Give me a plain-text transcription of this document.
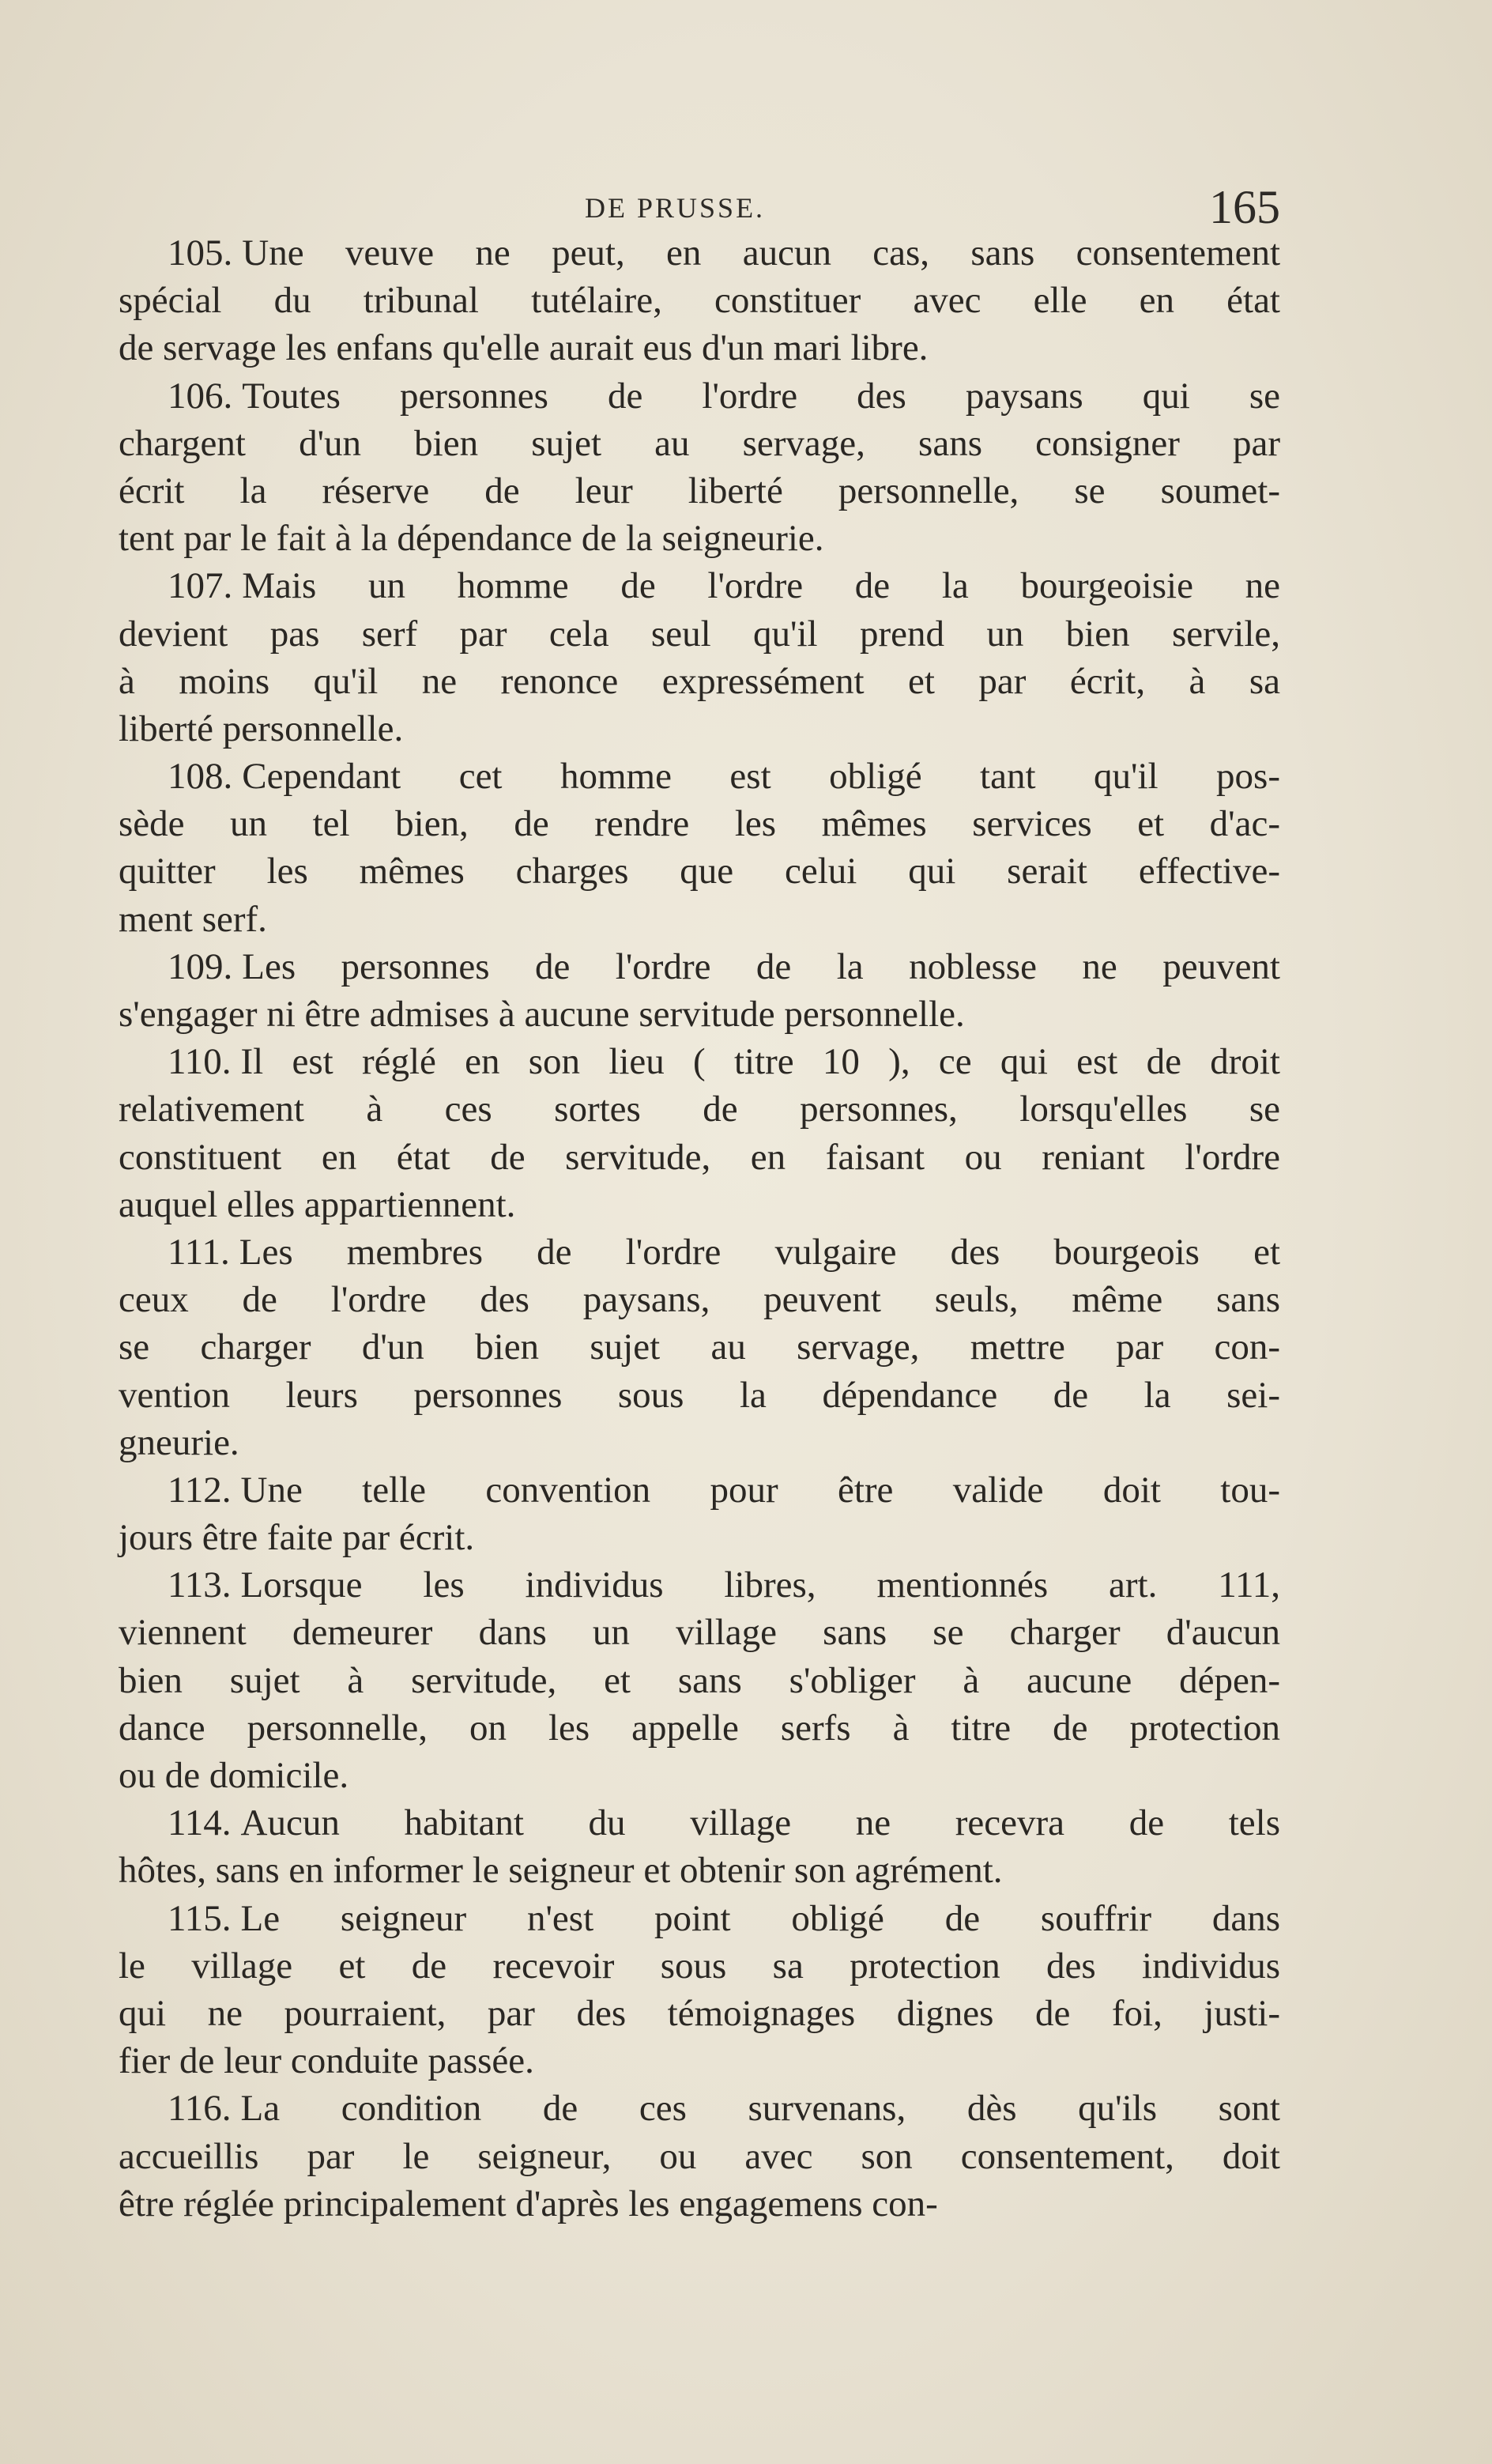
DE PRUSSE.	165
105. Une veuve ne peut, en aucun cas, sans consentement
spécial du tribunal tutélaire, constituer avec elle en état
de servage les enfans qu'elle aurait eus d'un mari libre.
106. Toutes personnes de l'ordre des paysans qui se
chargent d'un bien sujet au servage, sans consigner par
écrit la réserve de leur liberté personnelle, se soumet-
tent par le fait à la dépendance de la seigneurie.
107. Mais un homme de l'ordre de la bourgeoisie ne
devient pas serf par cela seul qu'il prend un bien servile,
à moins qu'il ne renonce expressément et par écrit, à sa
liberté personnelle.
108. Cependant cet homme est obligé tant qu'il pos-
sède un tel bien, de rendre les mêmes services et d'ac-
quitter les mêmes charges que celui qui serait effective-
ment serf.
109. Les personnes de l'ordre de la noblesse ne peuvent
s'engager ni être admises à aucune servitude personnelle.
110. Il est réglé en son lieu ( titre 10 ), ce qui est de droit
relativement à ces sortes de personnes, lorsqu'elles se
constituent en état de servitude, en faisant ou reniant l'ordre
auquel elles appartiennent.
111. Les membres de l'ordre vulgaire des bourgeois et
ceux de l'ordre des paysans, peuvent seuls, même sans
se charger d'un bien sujet au servage, mettre par con-
vention leurs personnes sous la dépendance de la sei-
gneurie.
112. Une telle convention pour être valide doit tou-
jours être faite par écrit.
113. Lorsque les individus libres, mentionnés art. 111,
viennent demeurer dans un village sans se charger d'aucun
bien sujet à servitude, et sans s'obliger à aucune dépen-
dance personnelle, on les appelle serfs à titre de protection
ou de domicile.
114. Aucun habitant du village ne recevra de tels
hôtes, sans en informer le seigneur et obtenir son agrément.
115. Le seigneur n'est point obligé de souffrir dans
le village et de recevoir sous sa protection des individus
qui ne pourraient, par des témoignages dignes de foi, justi-
fier de leur conduite passée.
116. La condition de ces survenans, dès qu'ils sont
accueillis par le seigneur, ou avec son consentement, doit
être réglée principalement d'après les engagemens con-
